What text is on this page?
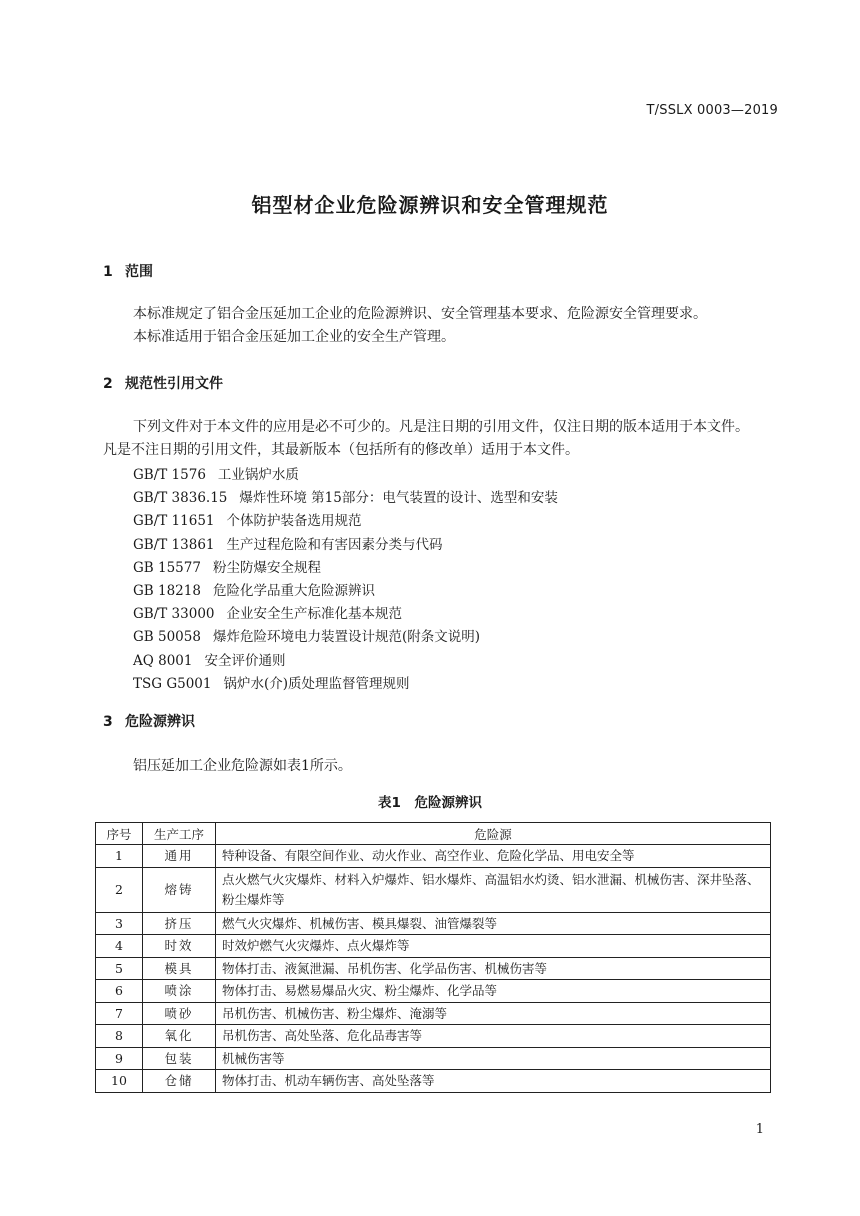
T/SSLX 0003—2019
铝型材企业危险源辨识和安全管理规范
1 范围
本标准规定了铝合金压延加工企业的危险源辨识、安全管理基本要求、危险源安全管理要求。
本标准适用于铝合金压延加工企业的安全生产管理。
2 规范性引用文件
下列文件对于本文件的应用是必不可少的。凡是注日期的引用文件，仅注日期的版本适用于本文件。
凡是不注日期的引用文件，其最新版本（包括所有的修改单）适用于本文件。
GB/T 1576 工业锅炉水质
GB/T 3836.15 爆炸性环境 第15部分：电气装置的设计、选型和安装
GB/T 11651 个体防护装备选用规范
GB/T 13861 生产过程危险和有害因素分类与代码
GB 15577 粉尘防爆安全规程
GB 18218 危险化学品重大危险源辨识
GB/T 33000 企业安全生产标准化基本规范
GB 50058 爆炸危险环境电力装置设计规范(附条文说明)
AQ 8001 安全评价通则
TSG G5001 锅炉水(介)质处理监督管理规则
3 危险源辨识
铝压延加工企业危险源如表1所示。
表1　危险源辨识
序号	生产工序	危险源
1	通用	特种设备、有限空间作业、动火作业、高空作业、危险化学品、用电安全等
2	熔铸	点火燃气火灾爆炸、材料入炉爆炸、铝水爆炸、高温铝水灼烫、铝水泄漏、机械伤害、深井坠落、粉尘爆炸等
3	挤压	燃气火灾爆炸、机械伤害、模具爆裂、油管爆裂等
4	时效	时效炉燃气火灾爆炸、点火爆炸等
5	模具	物体打击、液氮泄漏、吊机伤害、化学品伤害、机械伤害等
6	喷涂	物体打击、易燃易爆品火灾、粉尘爆炸、化学品等
7	喷砂	吊机伤害、机械伤害、粉尘爆炸、淹溺等
8	氧化	吊机伤害、高处坠落、危化品毒害等
9	包装	机械伤害等
10	仓储	物体打击、机动车辆伤害、高处坠落等
1
